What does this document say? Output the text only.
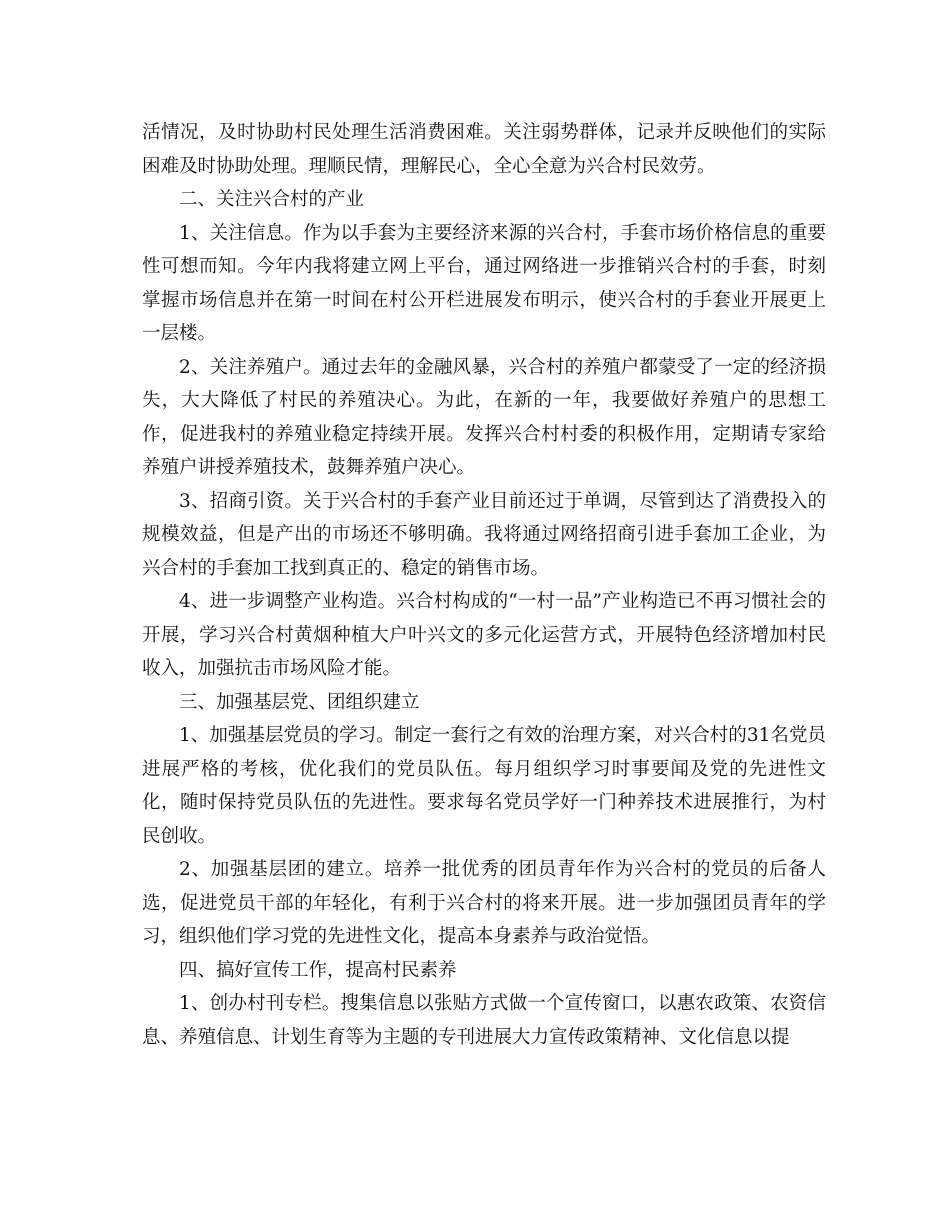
活情况，及时协助村民处理生活消费困难。关注弱势群体，记录并反映他们的实际困难及时协助处理。理顺民情，理解民心，全心全意为兴合村民效劳。

二、关注兴合村的产业

1、关注信息。作为以手套为主要经济来源的兴合村，手套市场价格信息的重要性可想而知。今年内我将建立网上平台，通过网络进一步推销兴合村的手套，时刻掌握市场信息并在第一时间在村公开栏进展发布明示，使兴合村的手套业开展更上一层楼。

2、关注养殖户。通过去年的金融风暴，兴合村的养殖户都蒙受了一定的经济损失，大大降低了村民的养殖决心。为此，在新的一年，我要做好养殖户的思想工作，促进我村的养殖业稳定持续开展。发挥兴合村村委的积极作用，定期请专家给养殖户讲授养殖技术，鼓舞养殖户决心。

3、招商引资。关于兴合村的手套产业目前还过于单调，尽管到达了消费投入的规模效益，但是产出的市场还不够明确。我将通过网络招商引进手套加工企业，为兴合村的手套加工找到真正的、稳定的销售市场。

4、进一步调整产业构造。兴合村构成的“一村一品”产业构造已不再习惯社会的开展，学习兴合村黄烟种植大户叶兴文的多元化运营方式，开展特色经济增加村民收入，加强抗击市场风险才能。

三、加强基层党、团组织建立

1、加强基层党员的学习。制定一套行之有效的治理方案，对兴合村的31名党员进展严格的考核，优化我们的党员队伍。每月组织学习时事要闻及党的先进性文化，随时保持党员队伍的先进性。要求每名党员学好一门种养技术进展推行，为村民创收。

2、加强基层团的建立。培养一批优秀的团员青年作为兴合村的党员的后备人选，促进党员干部的年轻化，有利于兴合村的将来开展。进一步加强团员青年的学习，组织他们学习党的先进性文化，提高本身素养与政治觉悟。

四、搞好宣传工作，提高村民素养

1、创办村刊专栏。搜集信息以张贴方式做一个宣传窗口，以惠农政策、农资信息、养殖信息、计划生育等为主题的专刊进展大力宣传政策精神、文化信息以提
